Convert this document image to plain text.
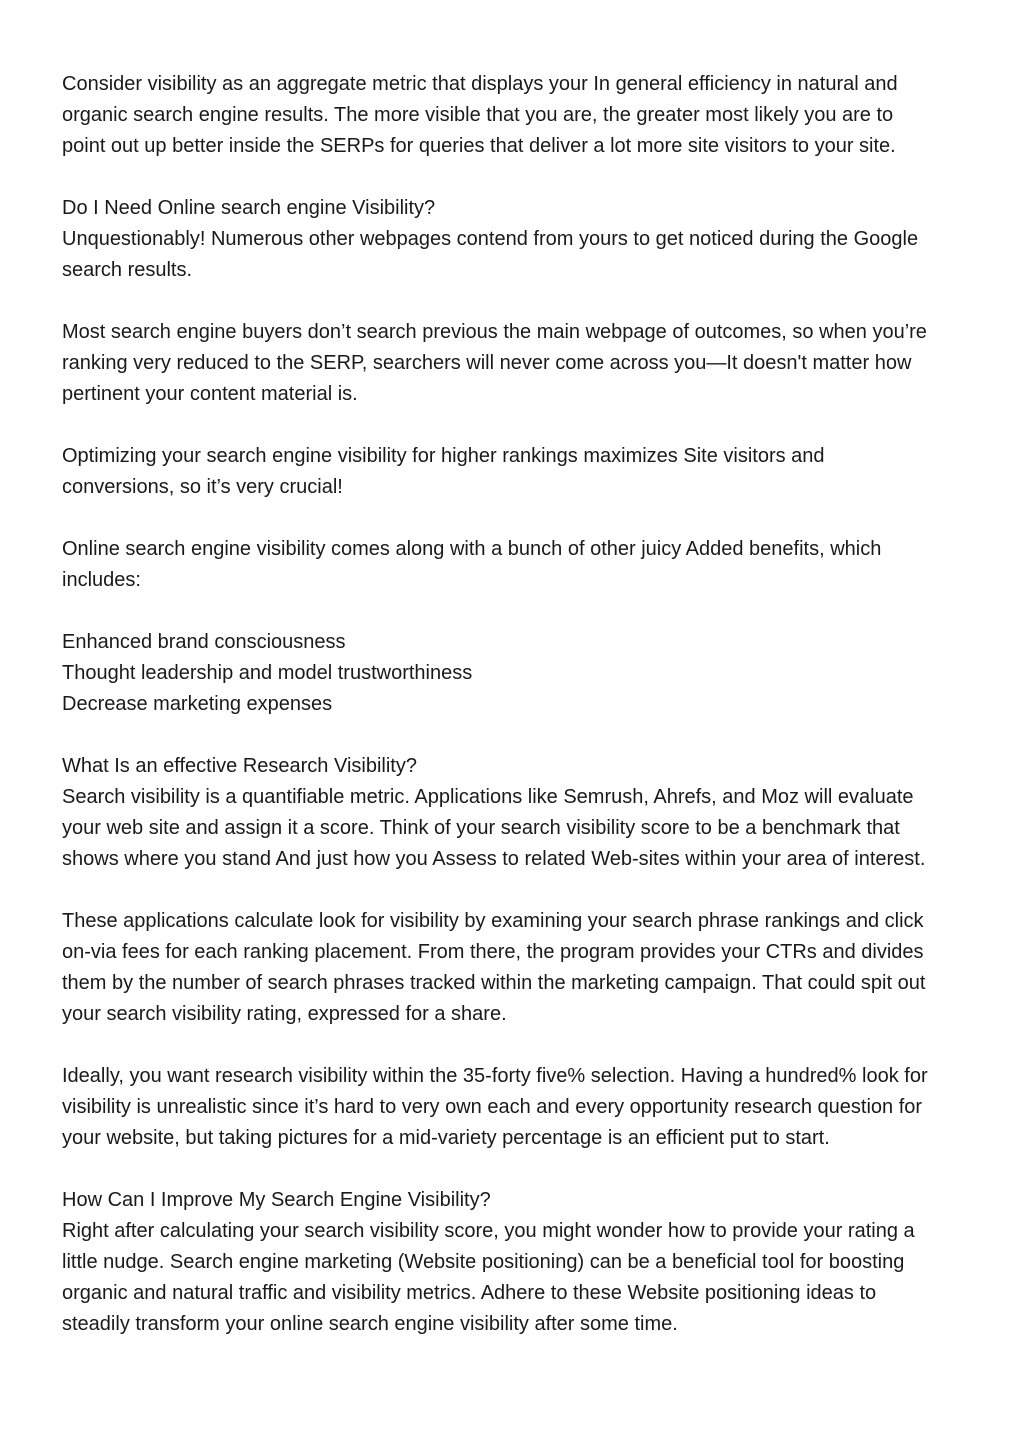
Consider visibility as an aggregate metric that displays your In general efficiency in natural and
organic search engine results. The more visible that you are, the greater most likely you are to
point out up better inside the SERPs for queries that deliver a lot more site visitors to your site.
Do I Need Online search engine Visibility?
Unquestionably! Numerous other webpages contend from yours to get noticed during the Google
search results.
Most search engine buyers don’t search previous the main webpage of outcomes, so when you’re
ranking very reduced to the SERP, searchers will never come across you—It doesn't matter how
pertinent your content material is.
Optimizing your search engine visibility for higher rankings maximizes Site visitors and
conversions, so it’s very crucial!
Online search engine visibility comes along with a bunch of other juicy Added benefits, which
includes:
Enhanced brand consciousness
Thought leadership and model trustworthiness
Decrease marketing expenses
What Is an effective Research Visibility?
Search visibility is a quantifiable metric. Applications like Semrush, Ahrefs, and Moz will evaluate
your web site and assign it a score. Think of your search visibility score to be a benchmark that
shows where you stand And just how you Assess to related Web-sites within your area of interest.
These applications calculate look for visibility by examining your search phrase rankings and click
on-via fees for each ranking placement. From there, the program provides your CTRs and divides
them by the number of search phrases tracked within the marketing campaign. That could spit out
your search visibility rating, expressed for a share.
Ideally, you want research visibility within the 35-forty five% selection. Having a hundred% look for
visibility is unrealistic since it’s hard to very own each and every opportunity research question for
your website, but taking pictures for a mid-variety percentage is an efficient put to start.
How Can I Improve My Search Engine Visibility?
Right after calculating your search visibility score, you might wonder how to provide your rating a
little nudge. Search engine marketing (Website positioning) can be a beneficial tool for boosting
organic and natural traffic and visibility metrics. Adhere to these Website positioning ideas to
steadily transform your online search engine visibility after some time.
